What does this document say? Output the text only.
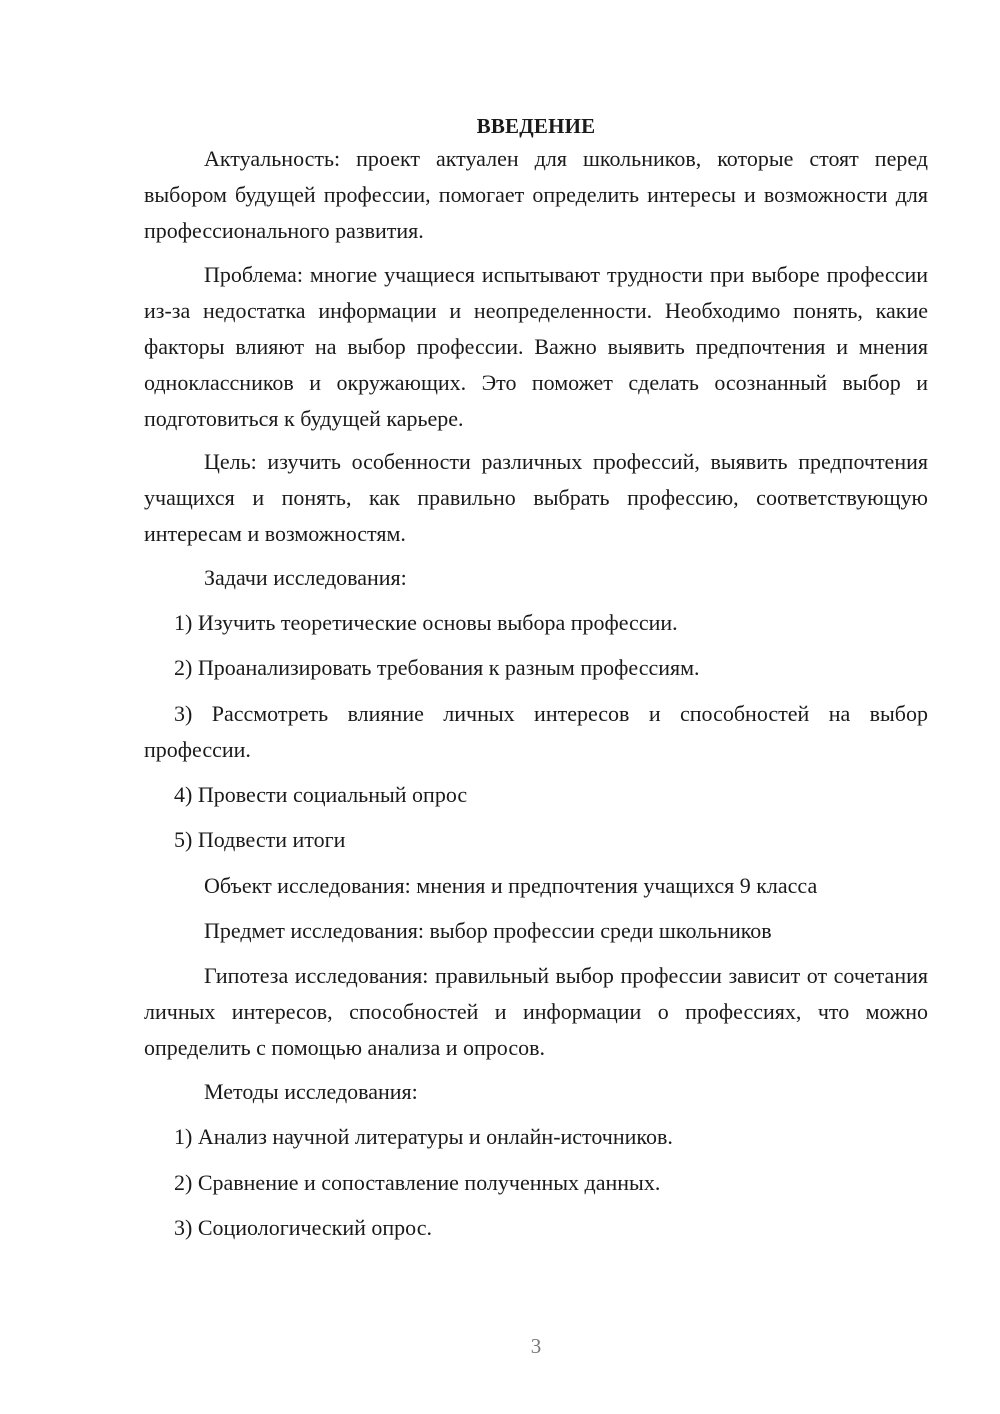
ВВЕДЕНИЕ

Актуальность: проект актуален для школьников, которые стоят перед выбором будущей профессии, помогает определить интересы и возможности для профессионального развития.

Проблема: многие учащиеся испытывают трудности при выборе профессии из-за недостатка информации и неопределенности. Необходимо понять, какие факторы влияют на выбор профессии. Важно выявить предпочтения и мнения одноклассников и окружающих. Это поможет сделать осознанный выбор и подготовиться к будущей карьере.

Цель: изучить особенности различных профессий, выявить предпочтения учащихся и понять, как правильно выбрать профессию, соответствующую интересам и возможностям.

Задачи исследования:

1) Изучить теоретические основы выбора профессии.

2) Проанализировать требования к разным профессиям.

3) Рассмотреть влияние личных интересов и способностей на выбор профессии.

4) Провести социальный опрос

5) Подвести итоги

Объект исследования: мнения и предпочтения учащихся 9 класса

Предмет исследования: выбор профессии среди школьников

Гипотеза исследования: правильный выбор профессии зависит от сочетания личных интересов, способностей и информации о профессиях, что можно определить с помощью анализа и опросов.

Методы исследования:

1) Анализ научной литературы и онлайн-источников.

2) Сравнение и сопоставление полученных данных.

3) Социологический опрос.

3
